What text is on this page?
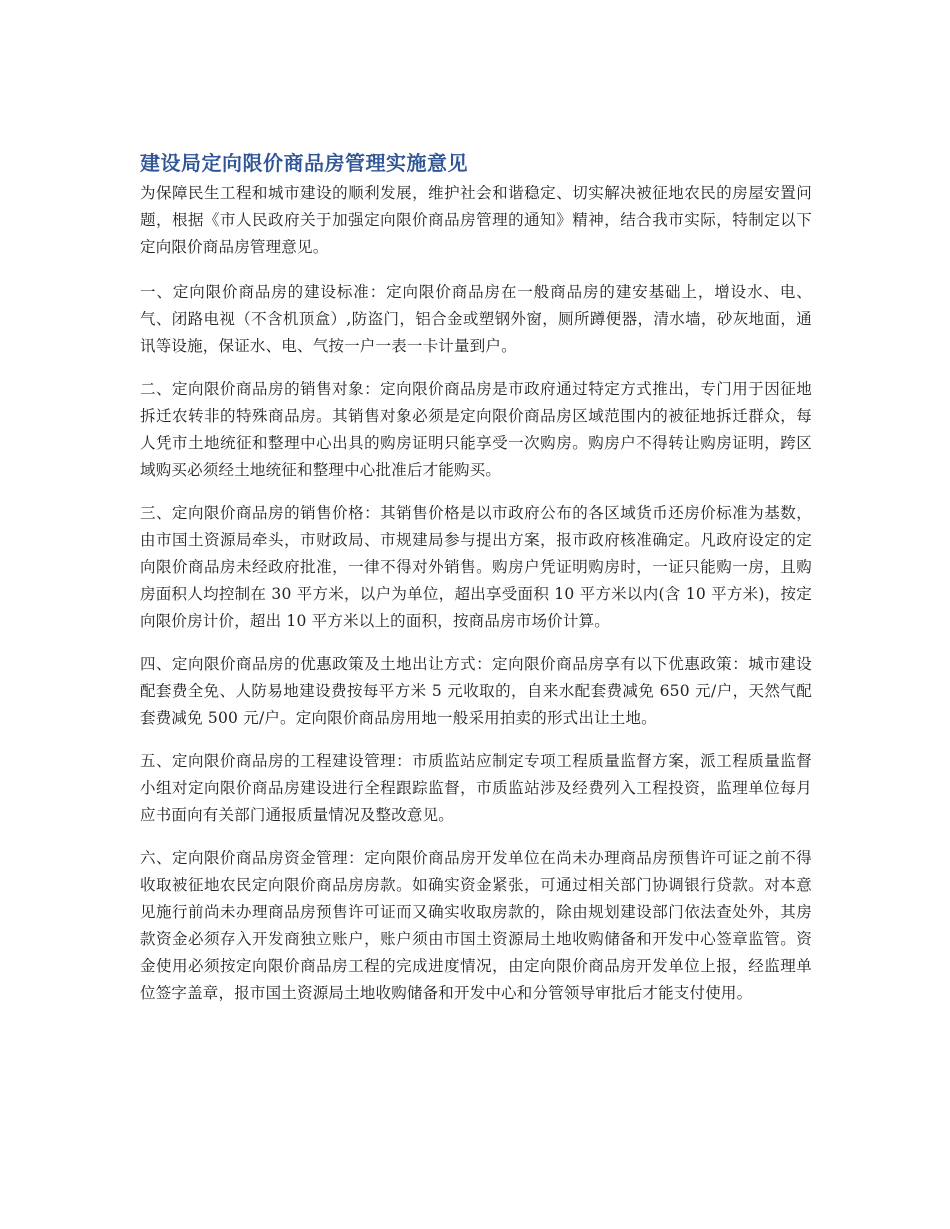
建设局定向限价商品房管理实施意见

为保障民生工程和城市建设的顺利发展，维护社会和谐稳定、切实解决被征地农民的房屋安置问题，根据《市人民政府关于加强定向限价商品房管理的通知》精神，结合我市实际，特制定以下定向限价商品房管理意见。

一、定向限价商品房的建设标准：定向限价商品房在一般商品房的建安基础上，增设水、电、气、闭路电视（不含机顶盒）,防盗门，铝合金或塑钢外窗，厕所蹲便器，清水墙，砂灰地面，通讯等设施，保证水、电、气按一户一表一卡计量到户。

二、定向限价商品房的销售对象：定向限价商品房是市政府通过特定方式推出，专门用于因征地拆迁农转非的特殊商品房。其销售对象必须是定向限价商品房区域范围内的被征地拆迁群众，每人凭市土地统征和整理中心出具的购房证明只能享受一次购房。购房户不得转让购房证明，跨区域购买必须经土地统征和整理中心批准后才能购买。

三、定向限价商品房的销售价格：其销售价格是以市政府公布的各区域货币还房价标准为基数，由市国土资源局牵头，市财政局、市规建局参与提出方案，报市政府核准确定。凡政府设定的定向限价商品房未经政府批准，一律不得对外销售。购房户凭证明购房时，一证只能购一房，且购房面积人均控制在 30 平方米，以户为单位，超出享受面积 10 平方米以内(含 10 平方米)，按定向限价房计价，超出 10 平方米以上的面积，按商品房市场价计算。

四、定向限价商品房的优惠政策及土地出让方式：定向限价商品房享有以下优惠政策：城市建设配套费全免、人防易地建设费按每平方米 5 元收取的，自来水配套费减免 650 元/户，天然气配套费减免 500 元/户。定向限价商品房用地一般采用拍卖的形式出让土地。

五、定向限价商品房的工程建设管理：市质监站应制定专项工程质量监督方案，派工程质量监督小组对定向限价商品房建设进行全程跟踪监督，市质监站涉及经费列入工程投资，监理单位每月应书面向有关部门通报质量情况及整改意见。

六、定向限价商品房资金管理：定向限价商品房开发单位在尚未办理商品房预售许可证之前不得收取被征地农民定向限价商品房房款。如确实资金紧张，可通过相关部门协调银行贷款。对本意见施行前尚未办理商品房预售许可证而又确实收取房款的，除由规划建设部门依法查处外，其房款资金必须存入开发商独立账户，账户须由市国土资源局土地收购储备和开发中心签章监管。资金使用必须按定向限价商品房工程的完成进度情况，由定向限价商品房开发单位上报，经监理单位签字盖章，报市国土资源局土地收购储备和开发中心和分管领导审批后才能支付使用。
